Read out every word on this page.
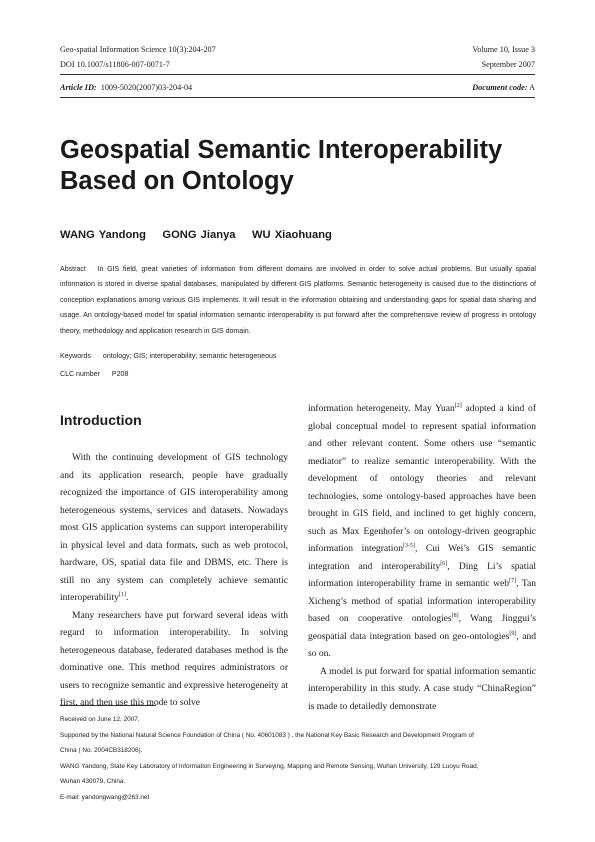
Geo-spatial Information Science 10(3):204-207	Volume 10, Issue 3
DOI 10.1007/s11806-007-0071-7	September 2007
Article ID: 1009-5020(2007)03-204-04	Document code: A
Geospatial Semantic Interoperability Based on Ontology
WANG Yandong GONG Jianya WU Xiaohuang
Abstract In GIS field, great varieties of information from different domains are involved in order to solve actual problems. But usually spatial information is stored in diverse spatial databases, manipulated by different GIS platforms. Semantic heterogeneity is caused due to the distinctions of conception explanations among various GIS implements. It will result in the information obtaining and understanding gaps for spatial data sharing and usage. An ontology-based model for spatial information semantic interoperability is put forward after the comprehensive review of progress in ontology theory, methodology and application research in GIS domain.
Keywords ontology; GIS; interoperability; semantic heterogeneous
CLC number P208
Introduction

With the continuing development of GIS technology and its application research, people have gradually recognized the importance of GIS interoperability among heterogeneous systems, services and datasets. Nowadays most GIS application systems can support interoperability in physical level and data formats, such as web protocol, hardware, OS, spatial data file and DBMS, etc. There is still no any system can completely achieve semantic interoperability[1].

Many researchers have put forward several ideas with regard to information interoperability. In solving heterogeneous database, federated databases method is the dominative one. This method requires administrators or users to recognize semantic and expressive heterogeneity at first, and then use this mode to solve

information heterogeneity. May Yuan[2] adopted a kind of global conceptual model to represent spatial information and other relevant content. Some others use “semantic mediator” to realize semantic interoperability. With the development of ontology theories and relevant technologies, some ontology-based approaches have been brought in GIS field, and inclined to get highly concern, such as Max Egenhofer’s on ontology-driven geographic information integration[3-5], Cui Wei’s GIS semantic integration and interoperability[6], Ding Li’s spatial information interoperability frame in semantic web[7], Tan Xicheng’s method of spatial information interoperability based on cooperative ontologies[8], Wang Jinggui’s geospatial data integration based on geo-ontologies[9], and so on.

A model is put forward for spatial information semantic interoperability in this study. A case study “ChinaRegion” is made to detailedly demonstrate

Received on June 12, 2007.
Supported by the National Natural Science Foundation of China ( No. 40601083 ) , the National Key Basic Research and Development Program of
China ( No. 2004CB318206).
WANG Yandong, State Key Laboratory of Information Engineering in Surveying, Mapping and Remote Sensing, Wuhan University, 129 Luoyu Road,
Wuhan 430079, China.
E-mail: yandongwang@263.net
